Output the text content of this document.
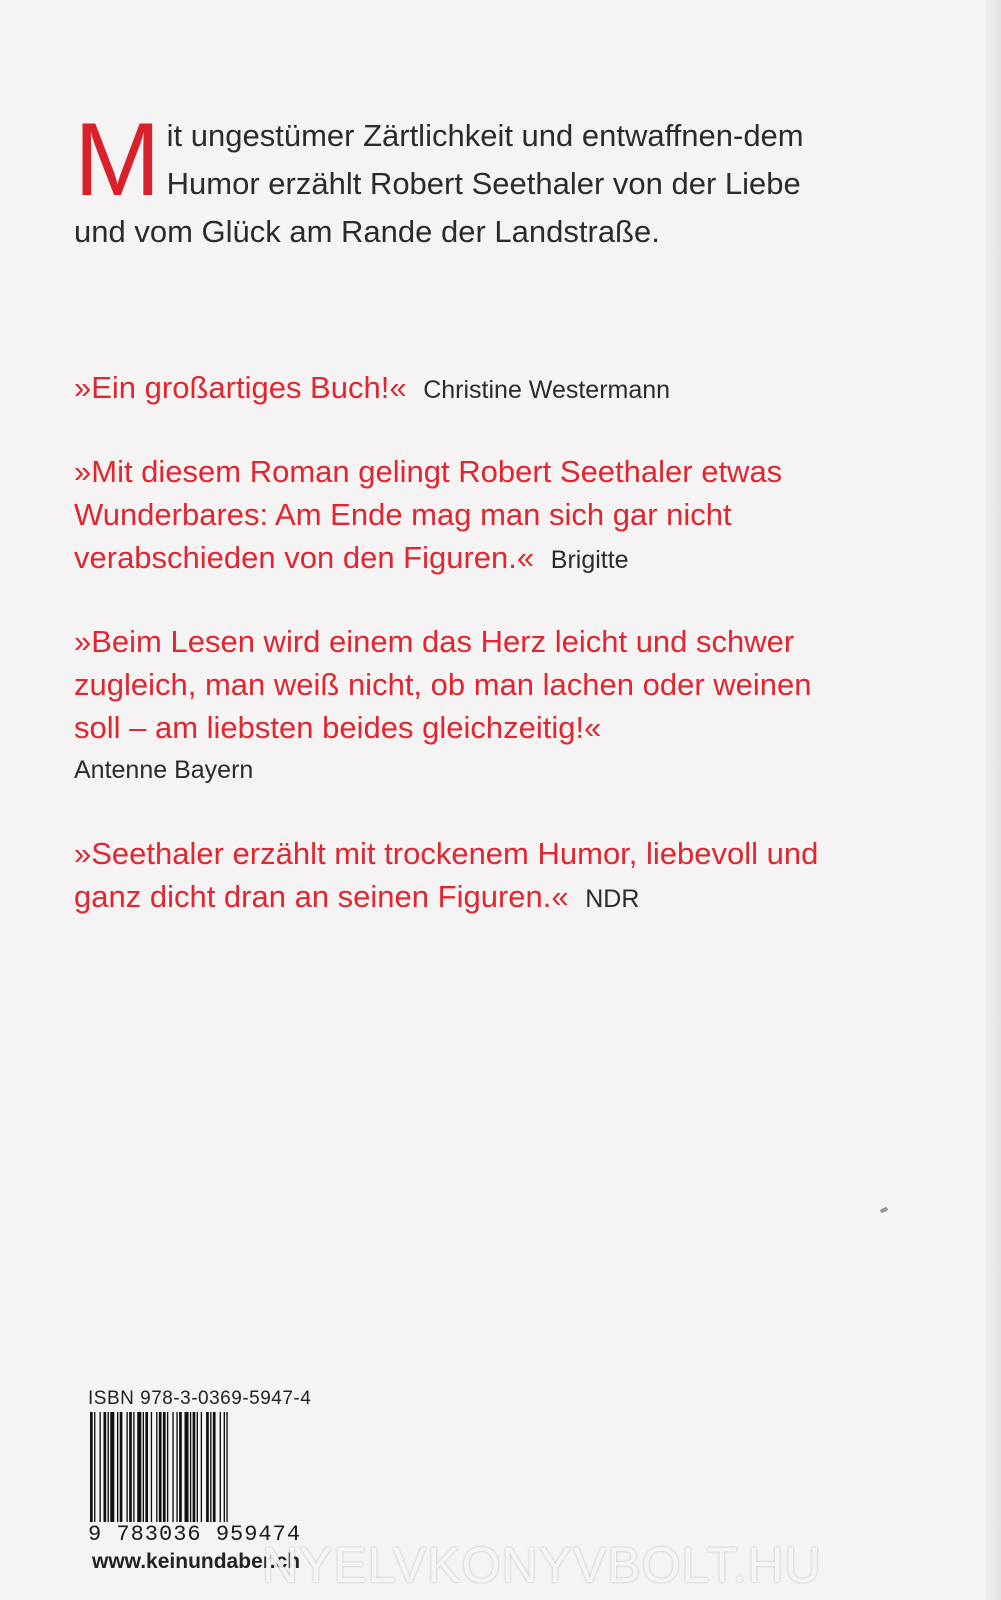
M it ungestümer Zärtlichkeit und entwaffnen-dem Humor erzählt Robert Seethaler von der Liebe und vom Glück am Rande der Landstraße.
»Ein großartiges Buch!« Christine Westermann
»Mit diesem Roman gelingt Robert Seethaler etwas Wunderbares: Am Ende mag man sich gar nicht verabschieden von den Figuren.« Brigitte
»Beim Lesen wird einem das Herz leicht und schwer zugleich, man weiß nicht, ob man lachen oder weinen soll – am liebsten beides gleichzeitig!«
Antenne Bayern
»Seethaler erzählt mit trockenem Humor, liebevoll und ganz dicht dran an seinen Figuren.« NDR
ISBN 978-3-0369-5947-4
9 783036 959474
www.keinundaber.ch
NYELVKONYVBOLT.HU
